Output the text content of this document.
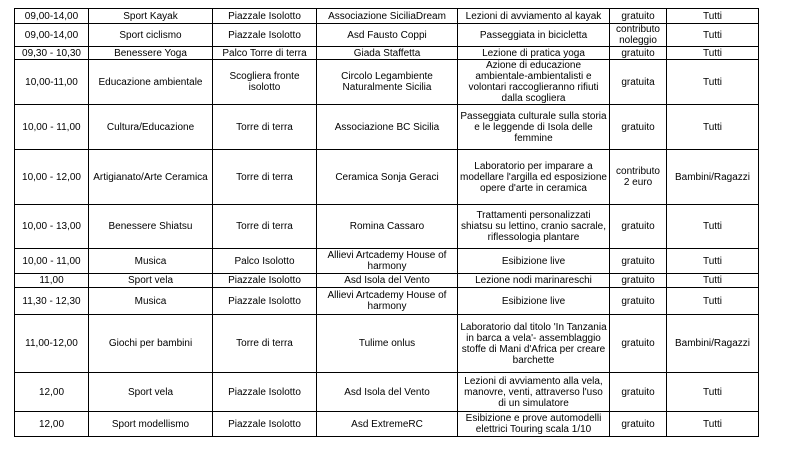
09,00-14,00	Sport Kayak	Piazzale Isolotto	Associazione SiciliaDream	Lezioni di avviamento al kayak	gratuito	Tutti
09,00-14,00	Sport ciclismo	Piazzale Isolotto	Asd Fausto Coppi	Passeggiata in bicicletta	contributo noleggio	Tutti
09,30 - 10,30	Benessere Yoga	Palco Torre di terra	Giada Staffetta	Lezione di pratica yoga	gratuito	Tutti
10,00-11,00	Educazione ambientale	Scogliera fronte isolotto	Circolo Legambiente Naturalmente Sicilia	Azione di educazione ambientale-ambientalisti e volontari raccoglieranno rifiuti dalla scogliera	gratuita	Tutti
10,00 - 11,00	Cultura/Educazione	Torre di terra	Associazione BC Sicilia	Passeggiata culturale sulla storia e le leggende di Isola delle femmine	gratuito	Tutti
10,00 - 12,00	Artigianato/Arte Ceramica	Torre di terra	Ceramica Sonja Geraci	Laboratorio per imparare a modellare l'argilla ed esposizione opere d'arte in ceramica	contributo 2 euro	Bambini/Ragazzi
10,00 - 13,00	Benessere Shiatsu	Torre di terra	Romina Cassaro	Trattamenti personalizzati shiatsu su lettino, cranio sacrale, riflessologia plantare	gratuito	Tutti
10,00 - 11,00	Musica	Palco Isolotto	Allievi Artcademy House of harmony	Esibizione live	gratuito	Tutti
11,00	Sport vela	Piazzale Isolotto	Asd Isola del Vento	Lezione nodi marinareschi	gratuito	Tutti
11,30 - 12,30	Musica	Piazzale Isolotto	Allievi Artcademy House of harmony	Esibizione live	gratuito	Tutti
11,00-12,00	Giochi per bambini	Torre di terra	Tulime onlus	Laboratorio dal titolo 'In Tanzania in barca a vela'- assemblaggio stoffe di Mani d'Africa per creare barchette	gratuito	Bambini/Ragazzi
12,00	Sport vela	Piazzale Isolotto	Asd Isola del Vento	Lezioni di avviamento alla vela, manovre, venti, attraverso l'uso di un simulatore	gratuito	Tutti
12,00	Sport modellismo	Piazzale Isolotto	Asd ExtremeRC	Esibizione e prove automodelli elettrici Touring scala 1/10	gratuito	Tutti
